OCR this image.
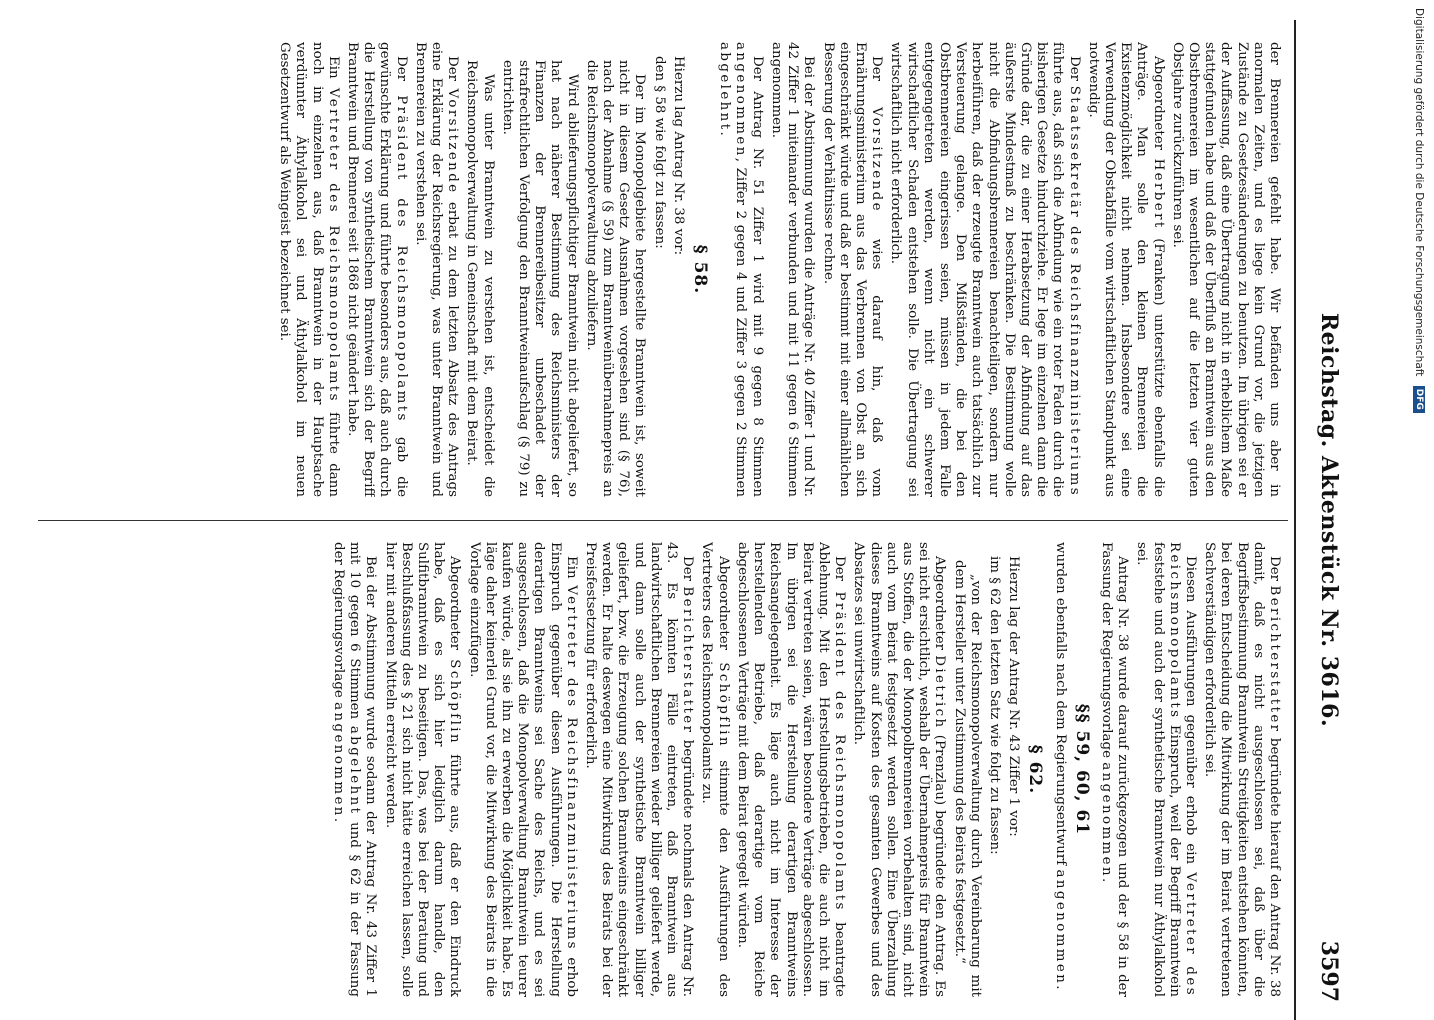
Digitalisierung gefördert durch die Deutsche Forschungsgemeinschaft DFG
Reichstag. Aktenstück Nr. 3616.
3597

der Brennereien gefehlt habe. Wir befänden uns aber in anormalen Zeiten, und es liege kein Grund vor, die jetzigen Zustände zu Gesetzesänderungen zu benutzen. Im übrigen sei er der Auffassung, daß eine Übertragung nicht in erheblichem Maße stattgefunden habe und daß der Überfluß an Branntwein aus den Obstbrennereien im wesentlichen auf die letzten vier guten Obstjahre zurückzuführen sei.

Abgeordneter Herbert (Franken) unterstützte ebenfalls die Anträge. Man solle den kleinen Brennereien die Existenzmöglichkeit nicht nehmen. Insbesondere sei eine Verwendung der Obstabfälle vom wirtschaftlichen Standpunkt aus notwendig.

Der Staatssekretär des Reichsfinanzministeriums führte aus, daß sich die Abfindung wie ein roter Faden durch die bisherigen Gesetze hindurchziehe. Er lege im einzelnen dann die Gründe dar, die zu einer Herabsetzung der Abfindung auf das äußerste Mindestmaß zu beschränken. Die Bestimmung wolle nicht die Abfindungsbrennereien benachteiligen, sondern nur herbeiführen, daß der erzeugte Branntwein auch tatsächlich zur Versteuerung gelange. Den Mißständen, die bei den Obstbrennereien eingerissen seien, müssen in jedem Falle entgegengetreten werden, wenn nicht ein schwerer wirtschaftlicher Schaden entstehen solle. Die Übertragung sei wirtschaftlich nicht erforderlich.

Der Vorsitzende wies darauf hin, daß vom Ernährungsministerium aus das Verbrennen von Obst an sich eingeschränkt würde und daß er bestimmt mit einer allmählichen Besserung der Verhältnisse rechne.

Bei der Abstimmung wurden die Anträge Nr. 40 Ziffer 1 und Nr. 42 Ziffer 1 miteinander verbunden und mit 11 gegen 6 Stimmen angenommen.

Der Antrag Nr. 51 Ziffer 1 wird mit 9 gegen 8 Stimmen angenommen, Ziffer 2 gegen 4 und Ziffer 3 gegen 2 Stimmen abgelehnt.

§ 58.

Hierzu lag Antrag Nr. 38 vor:

den § 58 wie folgt zu fassen:

Der im Monopolgebiete hergestellte Branntwein ist, soweit nicht in diesem Gesetz Ausnahmen vorgesehen sind (§ 76), nach der Abnahme (§ 59) zum Branntweinübernahmepreis an die Reichsmonopolverwaltung abzuliefern.

Wird ablieferungspflichtiger Branntwein nicht abgeliefert, so hat nach näherer Bestimmung des Reichsministers der Finanzen der Brennereibesitzer unbeschadet der strafrechtlichen Verfolgung den Branntweinaufschlag (§ 79) zu entrichten.

Was unter Branntwein zu verstehen ist, entscheidet die Reichsmonopolverwaltung in Gemeinschaft mit dem Beirat.

Der Vorsitzende erbat zu dem letzten Absatz des Antrags eine Erklärung der Reichsregierung, was unter Branntwein und Brennereien zu verstehen sei.

Der Präsident des Reichsmonopolamts gab die gewünschte Erklärung und führte besonders aus, daß auch durch die Herstellung von synthetischem Branntwein sich der Begriff Branntwein und Brennerei seit 1868 nicht geändert habe.

Ein Vertreter des Reichsmonopolamts führte dann noch im einzelnen aus, daß Branntwein in der Hauptsache verdünnter Äthylalkohol sei und Äthylalkohol im neuen Gesetzentwurf als Weingeist bezeichnet sei.

Der Berichterstatter begründete hierauf den Antrag Nr. 38 damit, daß es nicht ausgeschlossen sei, daß über die Begriffsbestimmung Branntwein Streitigkeiten entstehen könnten, bei deren Entscheidung die Mitwirkung der im Beirat vertretenen Sachverständigen erforderlich sei.

Diesen Ausführungen gegenüber erhob ein Vertreter des Reichsmonopolamts Einspruch, weil der Begriff Branntwein feststehe und auch der synthetische Branntwein nur Äthylalkohol sei.

Antrag Nr. 38 wurde darauf zurückgezogen und der § 58 in der Fassung der Regierungsvorlage angenommen.

§§ 59, 60, 61

wurden ebenfalls nach dem Regierungsentwurf angenommen.

§ 62.

Hierzu lag der Antrag Nr. 43 Ziffer 1 vor:

im § 62 den letzten Satz wie folgt zu fassen:

„von der Reichsmonopolverwaltung durch Vereinbarung mit dem Hersteller unter Zustimmung des Beirats festgesetzt.“

Abgeordneter Dietrich (Prenzlau) begründete den Antrag. Es sei nicht ersichtlich, weshalb der Übernahmepreis für Branntwein aus Stoffen, die der Monopolbrennereien vorbehalten sind, nicht auch vom Beirat festgesetzt werden sollen. Eine Überzahlung dieses Branntweins auf Kosten des gesamten Gewerbes und des Absatzes sei unwirtschaftlich.

Der Präsident des Reichsmonopolamts beantragte Ablehnung. Mit den Herstellungsbetrieben, die auch nicht im Beirat vertreten seien, wären besondere Verträge abgeschlossen. Im übrigen sei die Herstellung derartigen Branntweins Reichsangelegenheit. Es läge auch nicht im Interesse der herstellenden Betriebe, daß derartige vom Reiche abgeschlossenen Verträge mit dem Beirat geregelt würden.

Abgeordneter Schöpflin stimmte den Ausführungen des Vertreters des Reichsmonopolamts zu.

Der Berichterstatter begründete nochmals den Antrag Nr. 43. Es könnten Fälle eintreten, daß Branntwein aus landwirtschaftlichen Brennereien wieder billiger geliefert werde, und dann solle auch der synthetische Branntwein billiger geliefert, bzw. die Erzeugung solchen Branntweins eingeschränkt werden. Er halte deswegen eine Mitwirkung des Beirats bei der Preisfestsetzung für erforderlich.

Ein Vertreter des Reichsfinanzministeriums erhob Einspruch gegenüber diesen Ausführungen. Die Herstellung derartigen Branntweins sei Sache des Reichs, und es sei ausgeschlossen, daß die Monopolverwaltung Branntwein teurer kaufen würde, als sie ihn zu erwerben die Möglichkeit habe. Es läge daher keinerlei Grund vor, die Mitwirkung des Beirats in die Vorlage einzufügen.

Abgeordneter Schöpflin führte aus, daß er den Eindruck habe, daß es sich hier lediglich darum handle, den Sulfitbranntwein zu beseitigen. Das, was bei der Beratung und Beschlußfassung des § 21 sich nicht hätte erreichen lassen, solle hier mit anderen Mitteln erreicht werden.

Bei der Abstimmung wurde sodann der Antrag Nr. 43 Ziffer 1 mit 10 gegen 6 Stimmen abgelehnt und § 62 in der Fassung der Regierungsvorlage angenommen.
